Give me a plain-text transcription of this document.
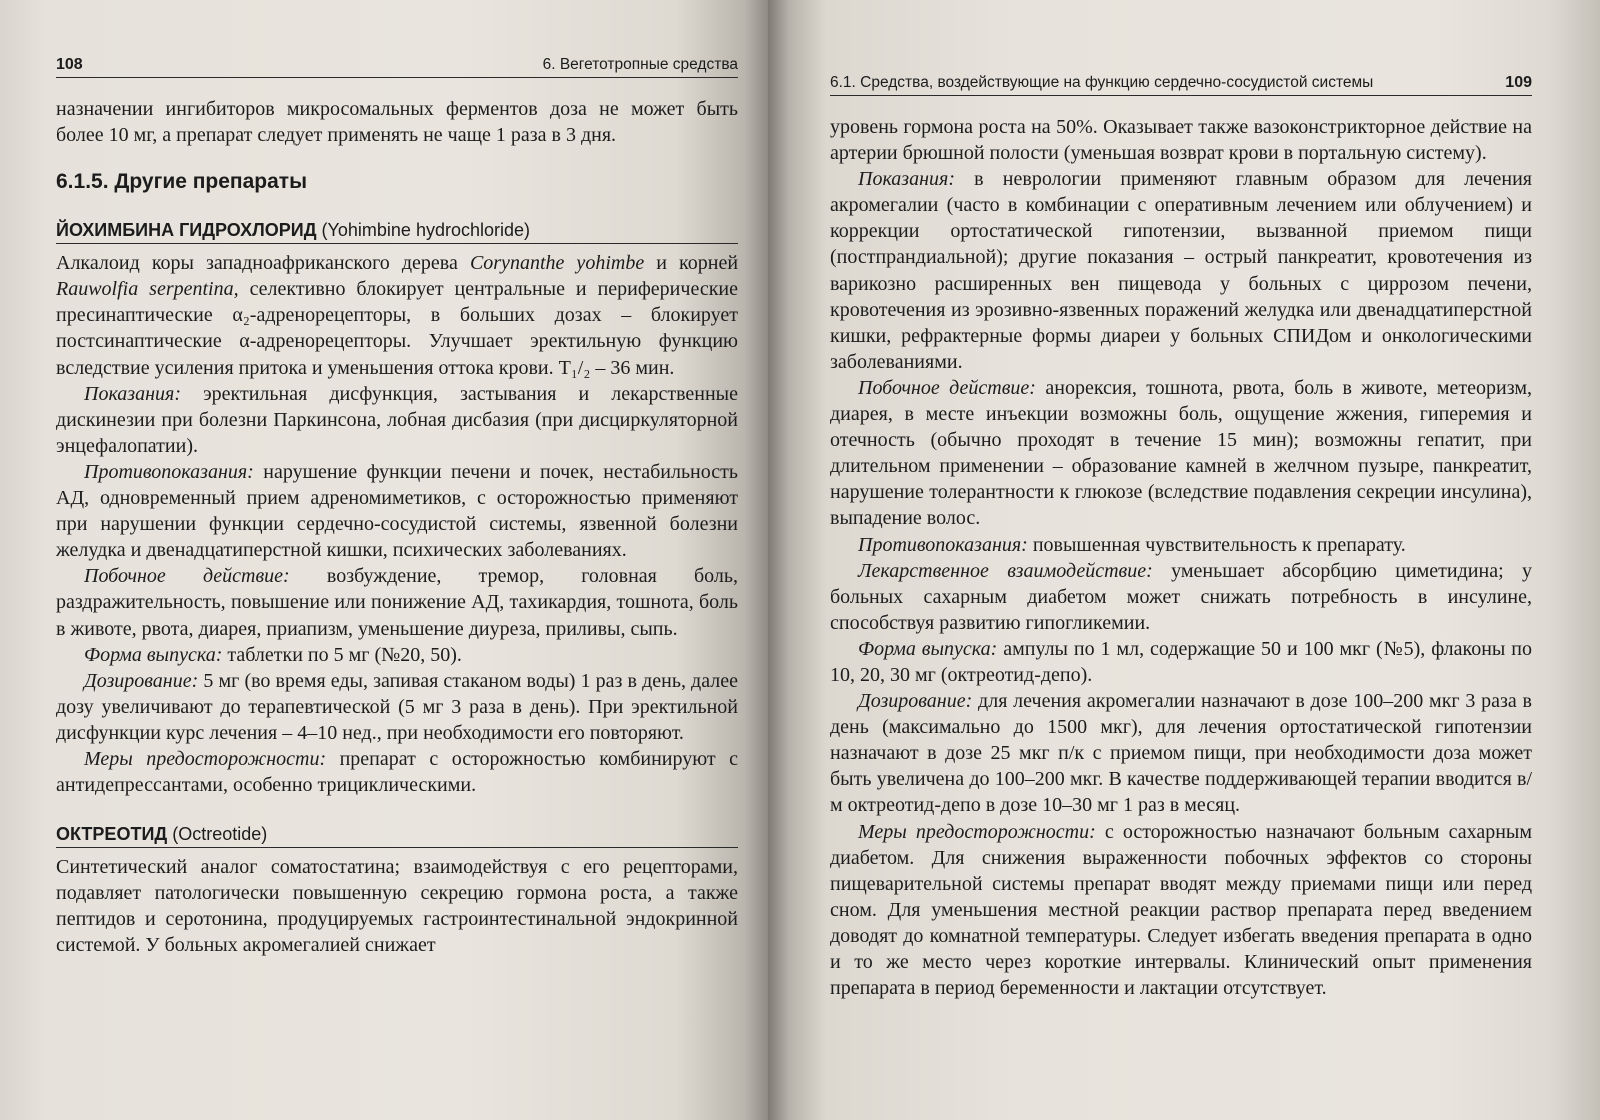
108	6. Вегетотропные средства

назначении ингибиторов микросомальных ферментов доза не может быть более 10 мг, а препарат следует применять не чаще 1 раза в 3 дня.

6.1.5. Другие препараты
ЙОХИМБИНА ГИДРОХЛОРИД (Yohimbine hydrochloride)

Алкалоид коры западноафриканского дерева Corynanthe yohimbe и корней Rauwolfia serpentina, селективно блокирует центральные и периферические пресинаптические α₂-адренорецепторы, в больших дозах – блокирует постсинаптические α-адренорецепторы. Улучшает эректильную функцию вследствие усиления притока и уменьшения оттока крови. T₁/₂ – 36 мин.

Показания: эректильная дисфункция, застывания и лекарственные дискинезии при болезни Паркинсона, лобная дисбазия (при дисциркуляторной энцефалопатии).

Противопоказания: нарушение функции печени и почек, нестабильность АД, одновременный прием адреномиметиков, с осторожностью применяют при нарушении функции сердечно-сосудистой системы, язвенной болезни желудка и двенадцатиперстной кишки, психических заболеваниях.

Побочное действие: возбуждение, тремор, головная боль, раздражительность, повышение или понижение АД, тахикардия, тошнота, боль в животе, рвота, диарея, приапизм, уменьшение диуреза, приливы, сыпь.

Форма выпуска: таблетки по 5 мг (№20, 50).

Дозирование: 5 мг (во время еды, запивая стаканом воды) 1 раз в день, далее дозу увеличивают до терапевтической (5 мг 3 раза в день). При эректильной дисфункции курс лечения – 4–10 нед., при необходимости его повторяют.

Меры предосторожности: препарат с осторожностью комбинируют с антидепрессантами, особенно трициклическими.

ОКТРЕОТИД (Octreotide)

Синтетический аналог соматостатина; взаимодействуя с его рецепторами, подавляет патологически повышенную секрецию гормона роста, а также пептидов и серотонина, продуцируемых гастроинтестинальной эндокринной системой. У больных акромегалией снижает

6.1. Средства, воздействующие на функцию сердечно-сосудистой системы	109

уровень гормона роста на 50%. Оказывает также вазоконстрикторное действие на артерии брюшной полости (уменьшая возврат крови в портальную систему).

Показания: в неврологии применяют главным образом для лечения акромегалии (часто в комбинации с оперативным лечением или облучением) и коррекции ортостатической гипотензии, вызванной приемом пищи (постпрандиальной); другие показания – острый панкреатит, кровотечения из варикозно расширенных вен пищевода у больных с циррозом печени, кровотечения из эрозивно-язвенных поражений желудка или двенадцатиперстной кишки, рефрактерные формы диареи у больных СПИДом и онкологическими заболеваниями.

Побочное действие: анорексия, тошнота, рвота, боль в животе, метеоризм, диарея, в месте инъекции возможны боль, ощущение жжения, гиперемия и отечность (обычно проходят в течение 15 мин); возможны гепатит, при длительном применении – образование камней в желчном пузыре, панкреатит, нарушение толерантности к глюкозе (вследствие подавления секреции инсулина), выпадение волос.

Противопоказания: повышенная чувствительность к препарату.

Лекарственное взаимодействие: уменьшает абсорбцию циметидина; у больных сахарным диабетом может снижать потребность в инсулине, способствуя развитию гипогликемии.

Форма выпуска: ампулы по 1 мл, содержащие 50 и 100 мкг (№5), флаконы по 10, 20, 30 мг (октреотид-депо).

Дозирование: для лечения акромегалии назначают в дозе 100–200 мкг 3 раза в день (максимально до 1500 мкг), для лечения ортостатической гипотензии назначают в дозе 25 мкг п/к с приемом пищи, при необходимости доза может быть увеличена до 100–200 мкг. В качестве поддерживающей терапии вводится в/м октреотид-депо в дозе 10–30 мг 1 раз в месяц.

Меры предосторожности: с осторожностью назначают больным сахарным диабетом. Для снижения выраженности побочных эффектов со стороны пищеварительной системы препарат вводят между приемами пищи или перед сном. Для уменьшения местной реакции раствор препарата перед введением доводят до комнатной температуры. Следует избегать введения препарата в одно и то же место через короткие интервалы. Клинический опыт применения препарата в период беременности и лактации отсутствует.
